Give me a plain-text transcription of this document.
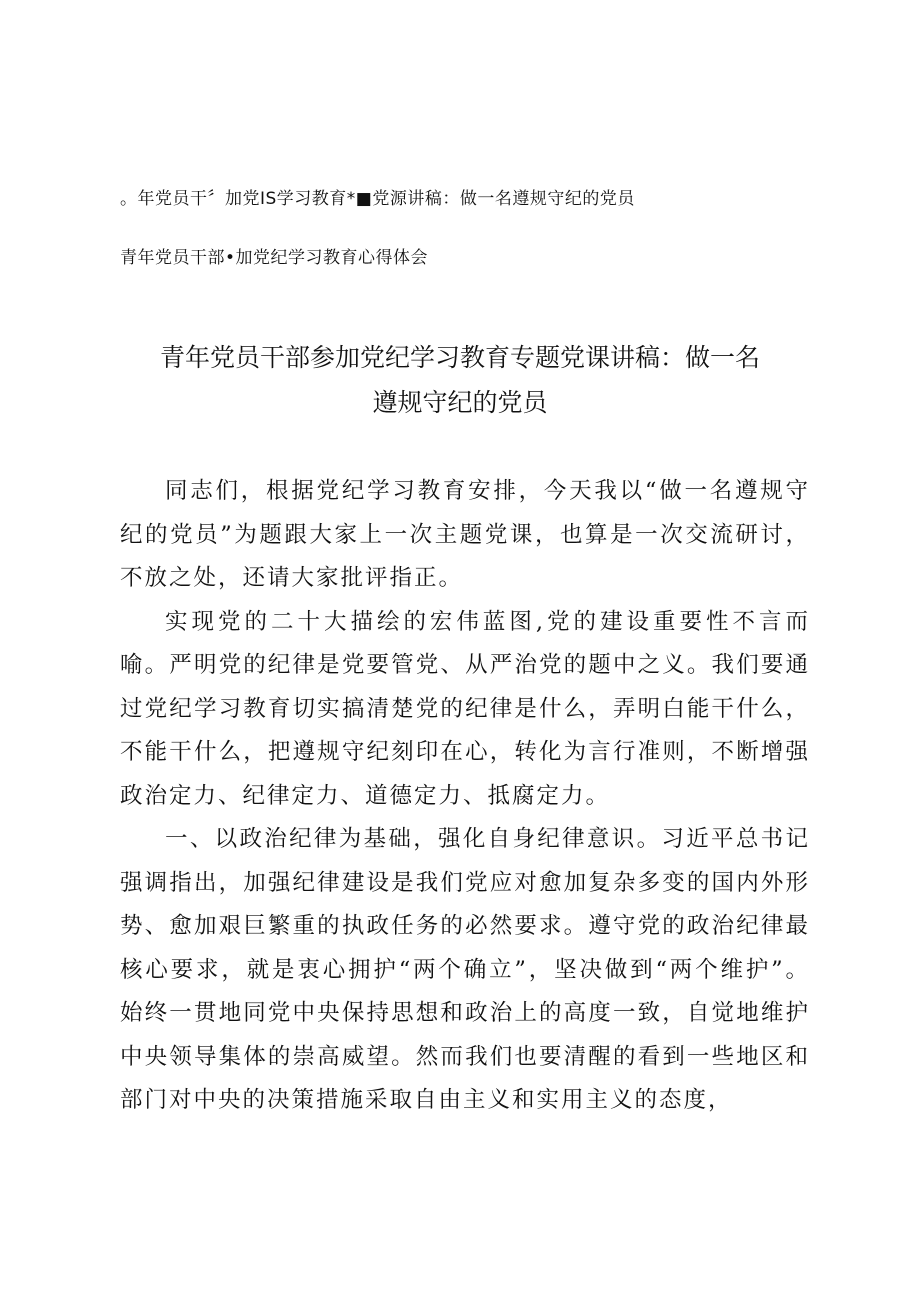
。年党员干〞加党IS学习教育*■党源讲稿：做一名遵规守纪的党员
青年党员干部•加党纪学习教育心得体会
青年党员干部参加党纪学习教育专题党课讲稿：做一名
遵规守纪的党员

同志们，根据党纪学习教育安排，今天我以“做一名遵规守纪的党员”为题跟大家上一次主题党课，也算是一次交流研讨，不放之处，还请大家批评指正。

实现党的二十大描绘的宏伟蓝图,党的建设重要性不言而喻。严明党的纪律是党要管党、从严治党的题中之义。我们要通过党纪学习教育切实搞清楚党的纪律是什么，弄明白能干什么，不能干什么，把遵规守纪刻印在心，转化为言行准则，不断增强政治定力、纪律定力、道德定力、抵腐定力。

一、以政治纪律为基础，强化自身纪律意识。习近平总书记强调指出，加强纪律建设是我们党应对愈加复杂多变的国内外形势、愈加艰巨繁重的执政任务的必然要求。遵守党的政治纪律最核心要求，就是衷心拥护“两个确立”，坚决做到“两个维护”。始终一贯地同党中央保持思想和政治上的高度一致，自觉地维护中央领导集体的崇高威望。然而我们也要清醒的看到一些地区和部门对中央的决策措施采取自由主义和实用主义的态度，
